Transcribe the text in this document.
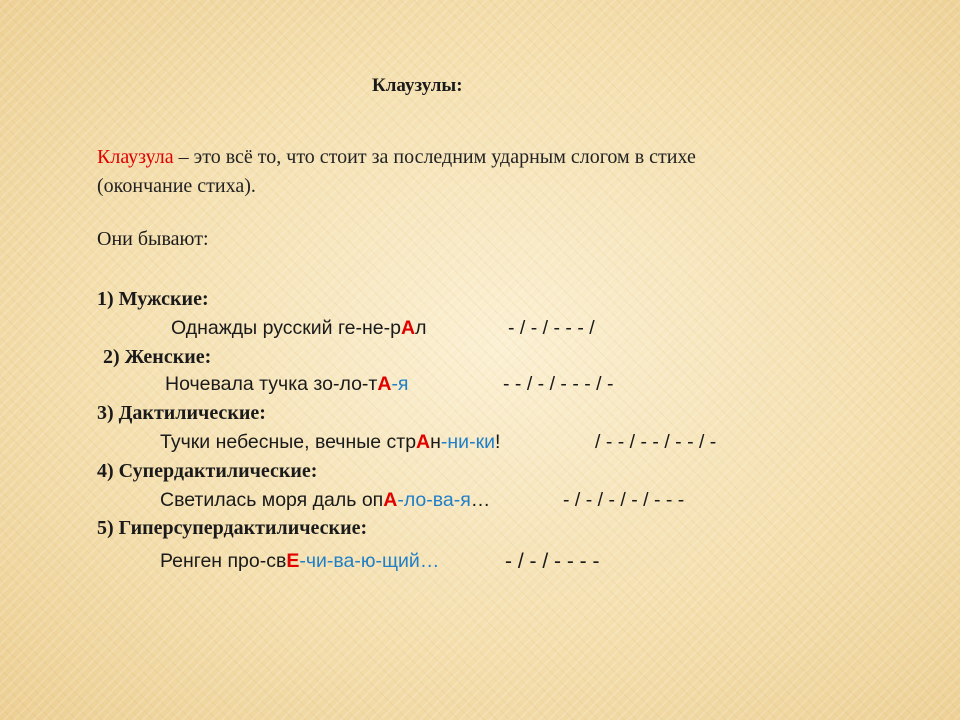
Клаузулы:
Клаузула – это всё то, что стоит за последним ударным слогом в стихе
(окончание стиха).
Они бывают:
1) Мужские:
Однажды русский ге-не-рАл	- / - / - - - /
2) Женские:
Ночевала тучка зо-ло-тА-я	- - / - / - - - / -
3) Дактилические:
Тучки небесные, вечные стрАн-ни-ки!	/ - - / - - / - - / -
4) Супердактилические:
Светилась моря даль опА-ло-ва-я…	- / - / - / - / - - -
5) Гиперсупердактилические:
Ренген про-свЕ-чи-ва-ю-щий…	- / - / - - - -
